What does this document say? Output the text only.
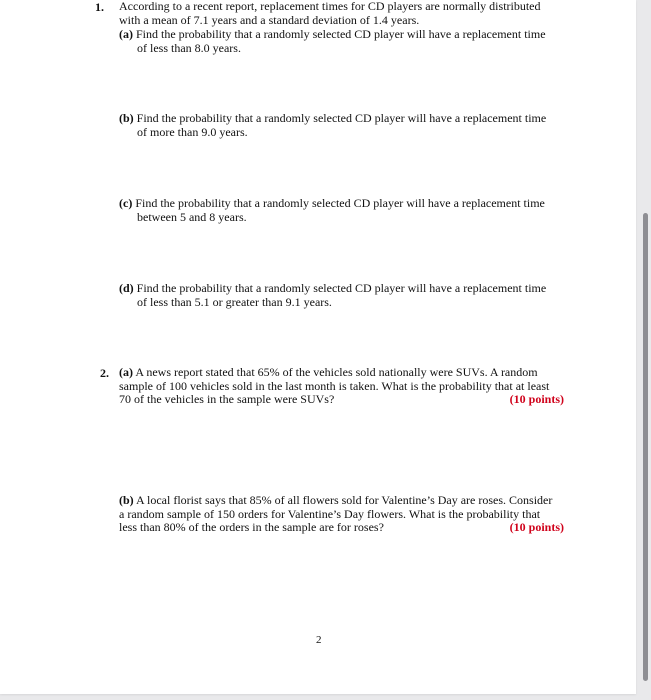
1. According to a recent report, replacement times for CD players are normally distributed
with a mean of 7.1 years and a standard deviation of 1.4 years.
(a) Find the probability that a randomly selected CD player will have a replacement time
of less than 8.0 years.
(b) Find the probability that a randomly selected CD player will have a replacement time
of more than 9.0 years.
(c) Find the probability that a randomly selected CD player will have a replacement time
between 5 and 8 years.
(d) Find the probability that a randomly selected CD player will have a replacement time
of less than 5.1 or greater than 9.1 years.
2. (a) A news report stated that 65% of the vehicles sold nationally were SUVs. A random
sample of 100 vehicles sold in the last month is taken. What is the probability that at least
70 of the vehicles in the sample were SUVs?	(10 points)
(b) A local florist says that 85% of all flowers sold for Valentine’s Day are roses. Consider
a random sample of 150 orders for Valentine’s Day flowers. What is the probability that
less than 80% of the orders in the sample are for roses?	(10 points)
2
